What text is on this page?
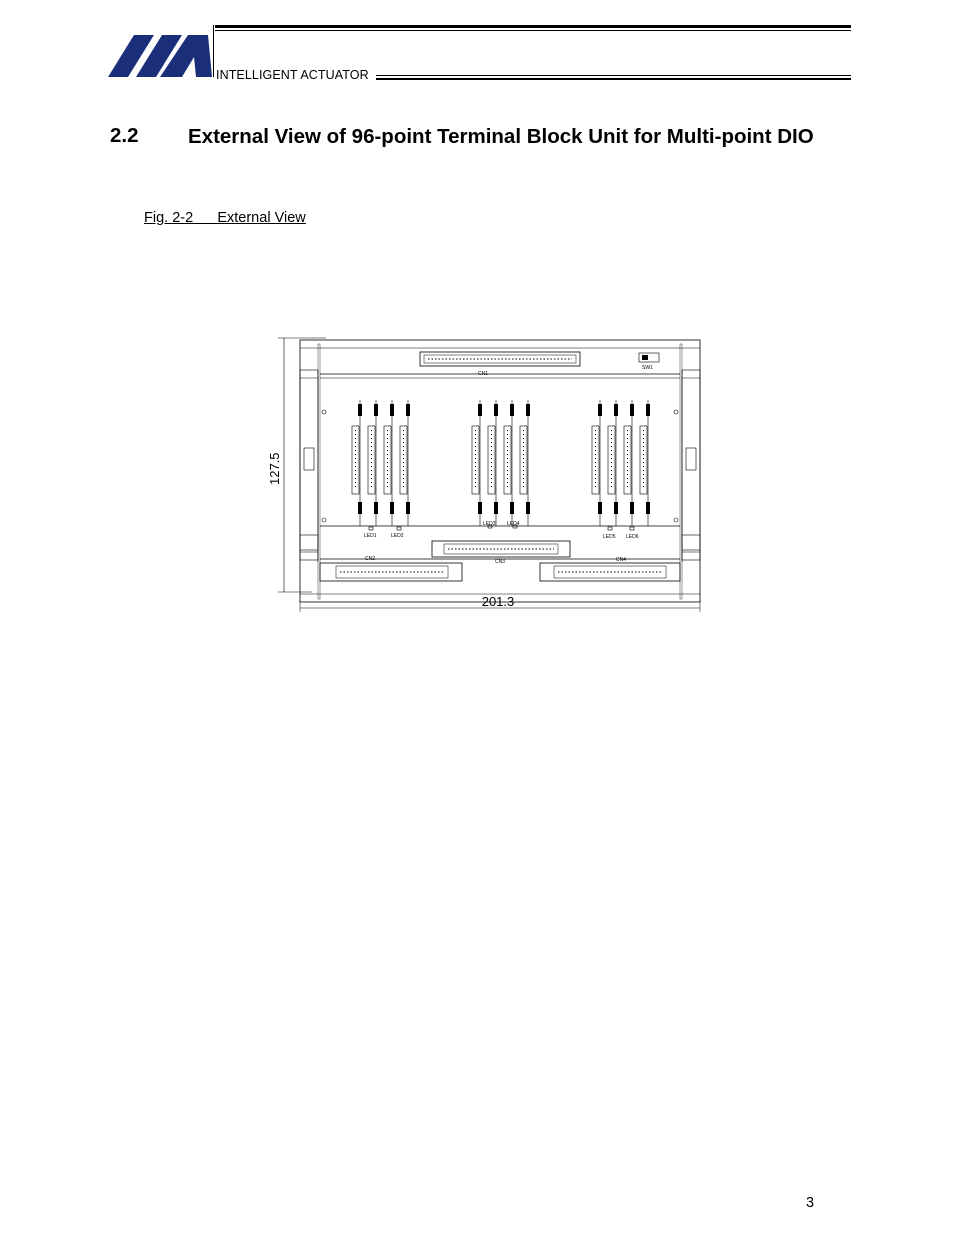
INTELLIGENT ACTUATOR
2.2 External View of 96-point Terminal Block Unit for Multi-point DIO
Fig. 2-2 External View
CN1
SW1
LED1	LED2
LED3 LED4
LED5 LED6
CN2	CN3	CN4
127.5
201.3
3
